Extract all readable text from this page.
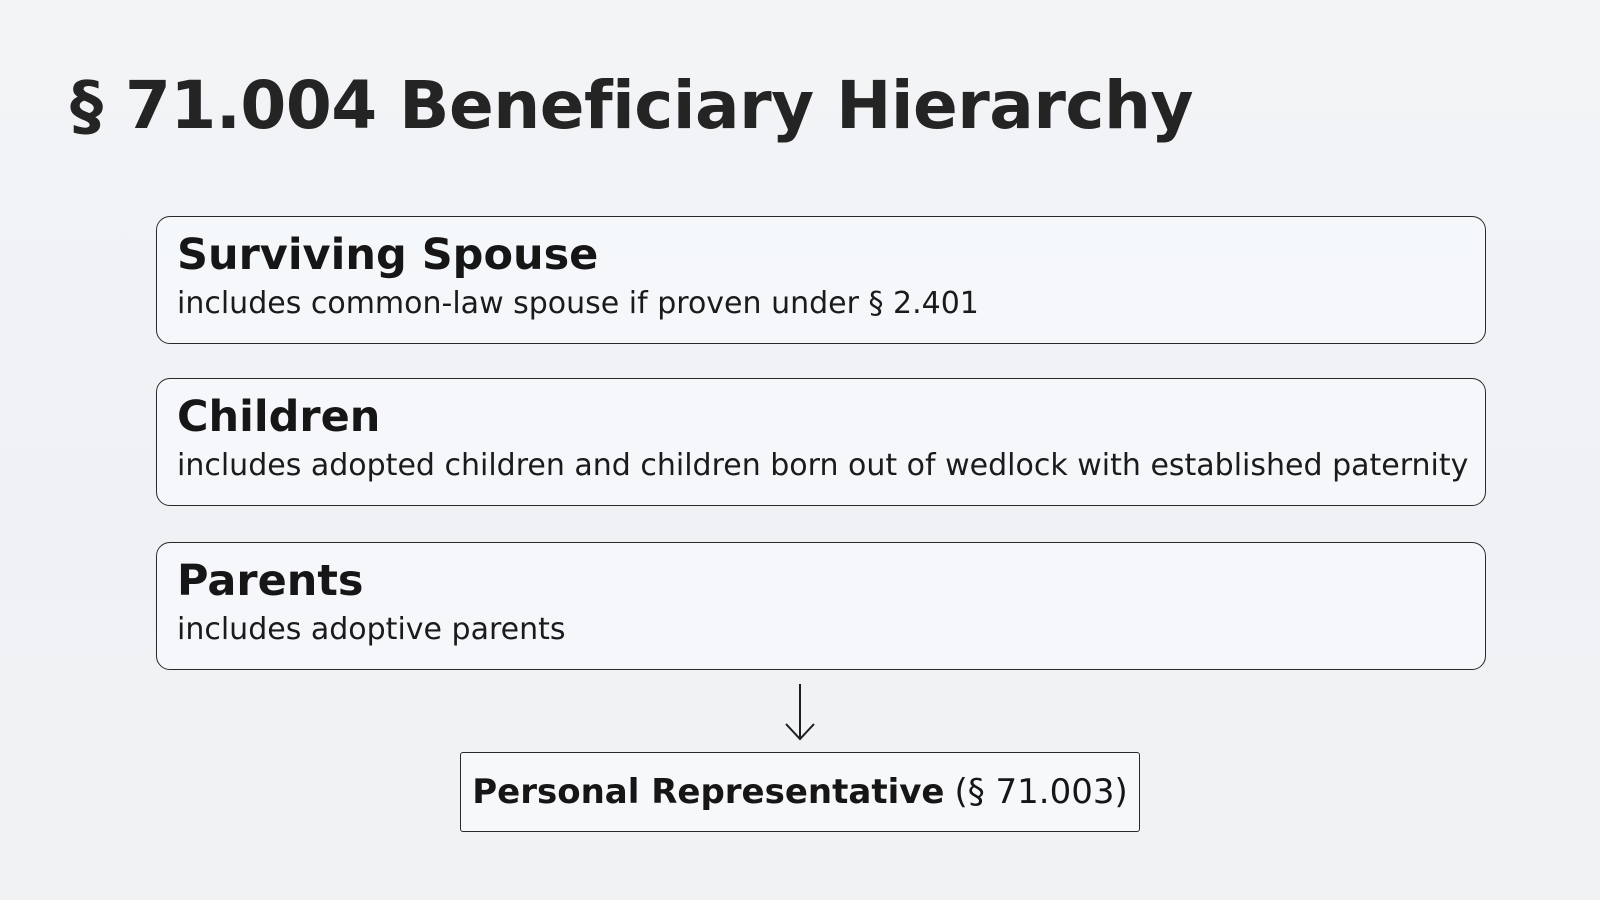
§ 71.004 Beneficiary Hierarchy
Surviving Spouse
includes common-law spouse if proven under § 2.401
Children
includes adopted children and children born out of wedlock with established paternity
Parents
includes adoptive parents
Personal Representative (§ 71.003)
